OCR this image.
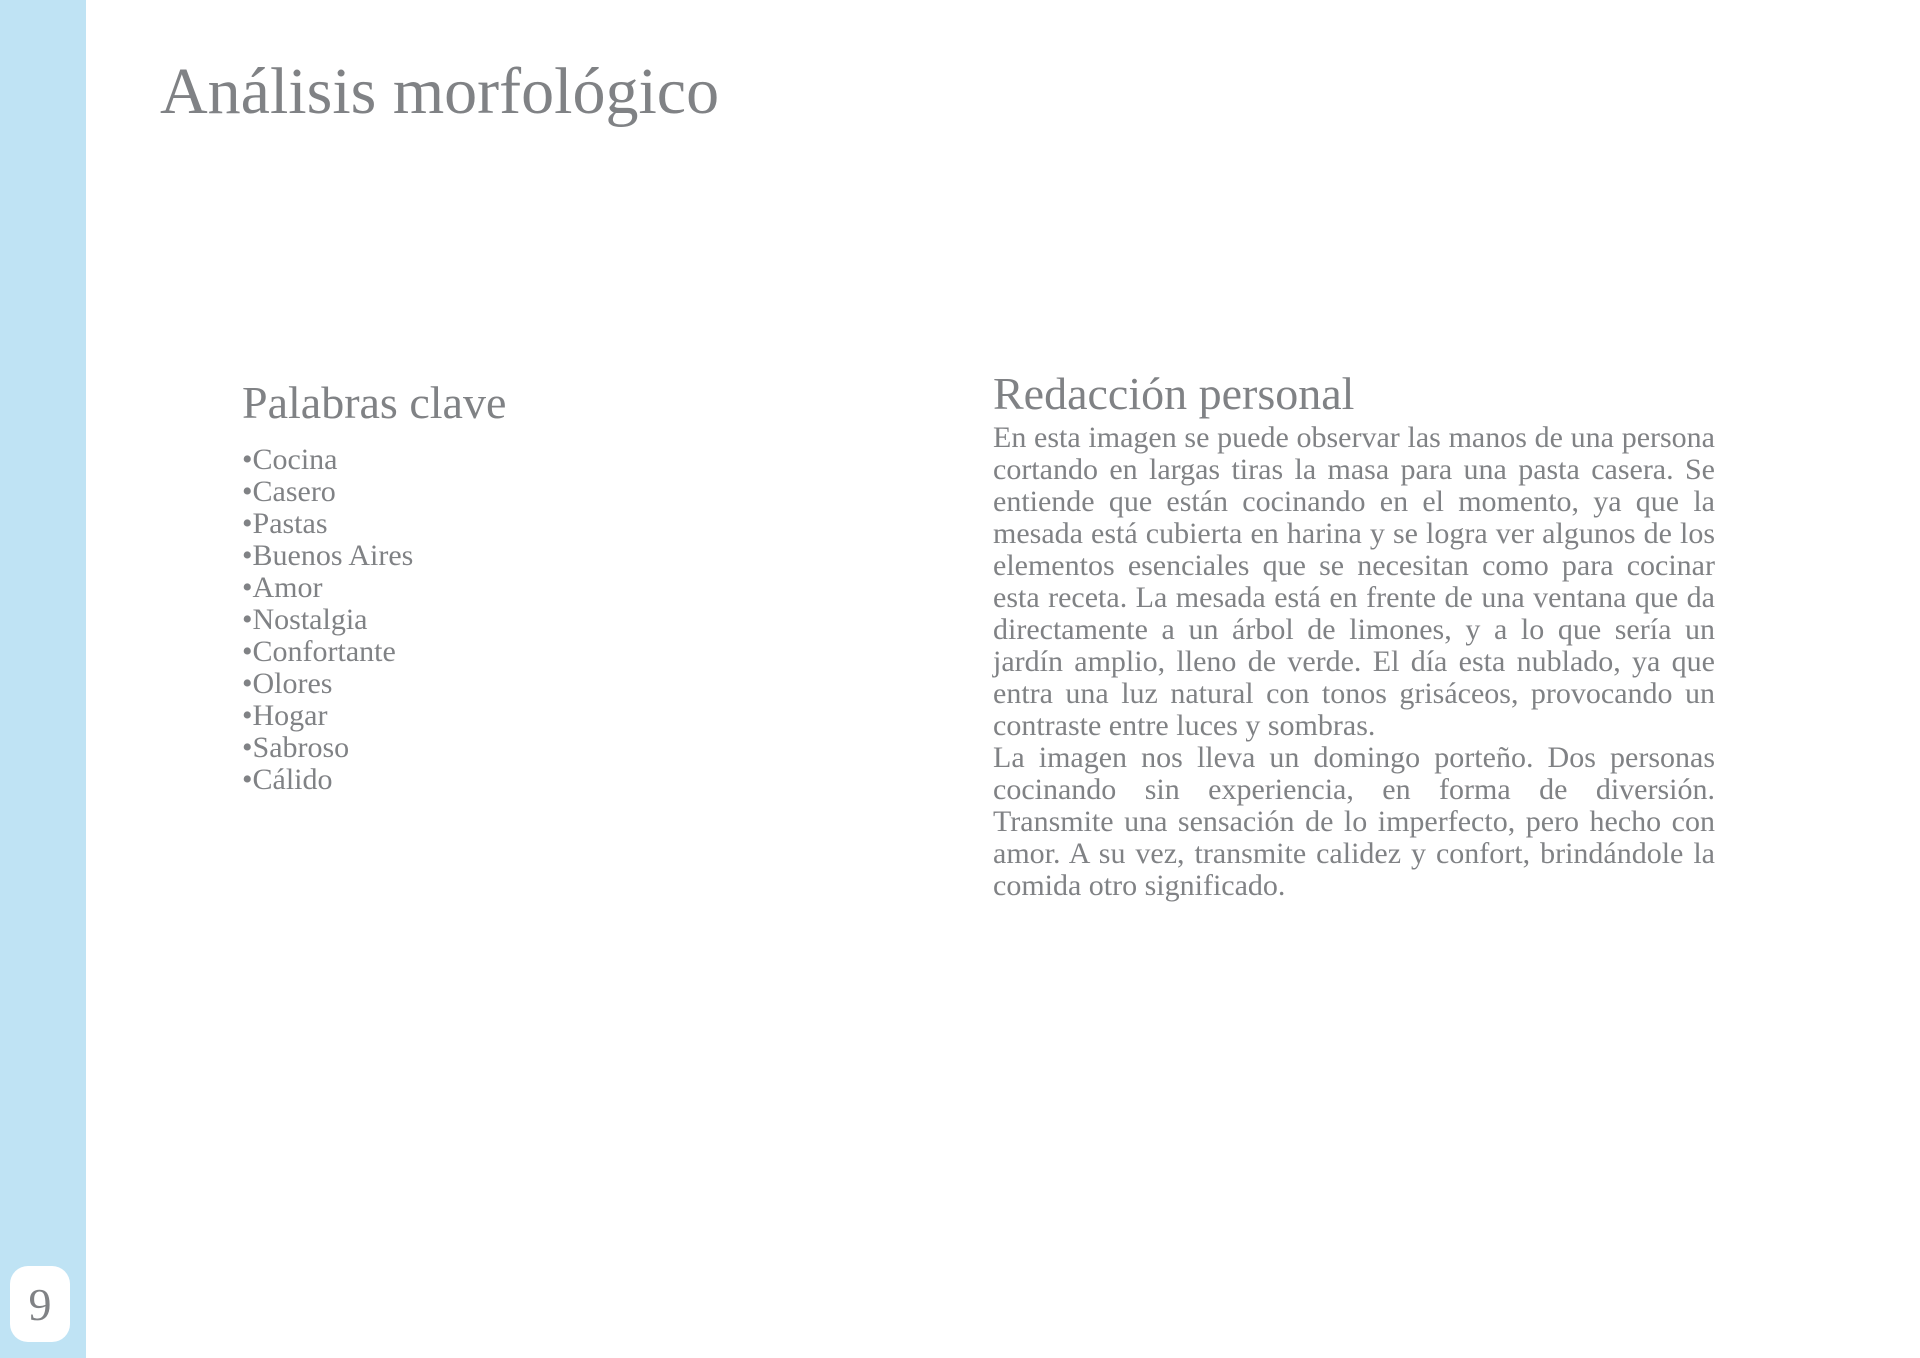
9
Análisis morfológico
Palabras clave
•Cocina
•Casero
•Pastas
•Buenos Aires
•Amor
•Nostalgia
•Confortante
•Olores
•Hogar
•Sabroso
•Cálido
Redacción personal

En esta imagen se puede observar las manos de una persona cortando en largas tiras la masa para una pasta casera. Se entiende que están cocinando en el momento, ya que la mesada está cubierta en harina y se logra ver algunos de los elementos esenciales que se necesitan como para cocinar esta receta. La mesada está en frente de una ventana que da directamente a un árbol de limones, y a lo que sería un jardín amplio, lleno de verde. El día esta nublado, ya que entra una luz natural con tonos grisáceos, provocando un contraste entre luces y sombras.

La imagen nos lleva un domingo porteño. Dos personas cocinando sin experiencia, en forma de diversión. Transmite una sensación de lo imperfecto, pero hecho con amor. A su vez, transmite calidez y confort, brindándole la comida otro significado.
